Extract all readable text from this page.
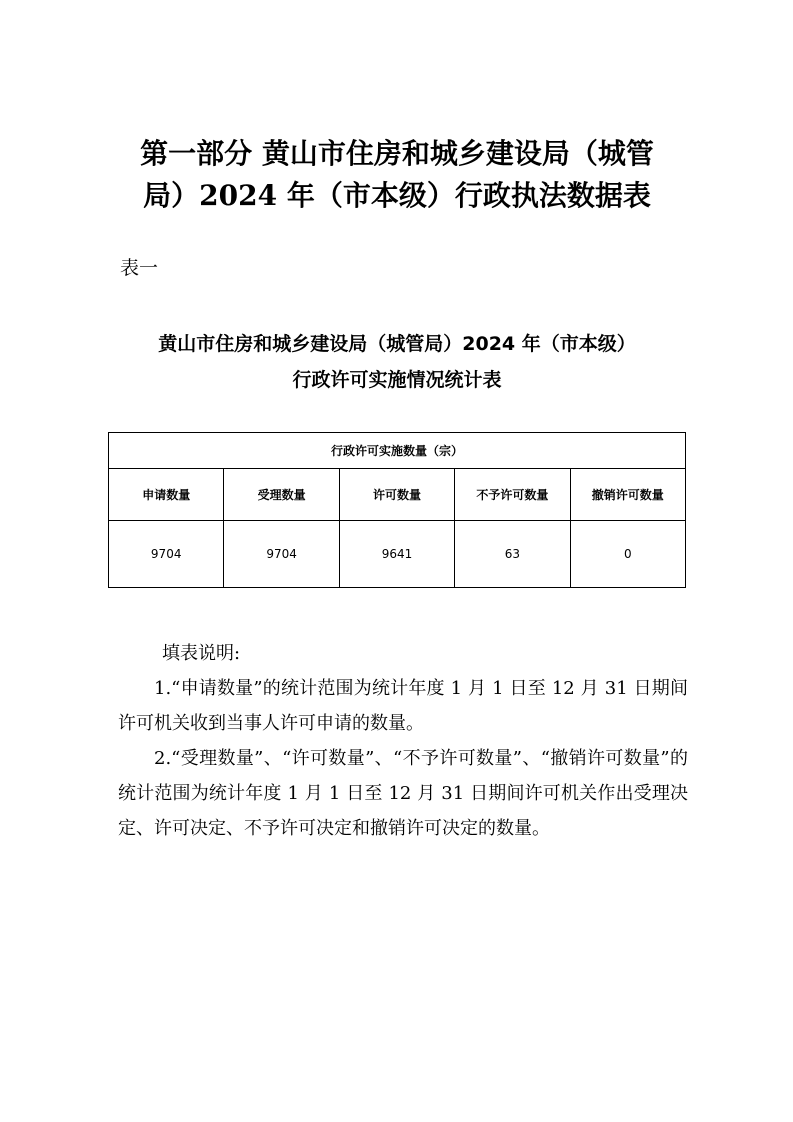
第一部分 黄山市住房和城乡建设局（城管
局）2024 年（市本级）行政执法数据表

表一

黄山市住房和城乡建设局（城管局）2024 年（市本级）
行政许可实施情况统计表
行政许可实施数量（宗）				
申请数量	受理数量	许可数量	不予许可数量	撤销许可数量
9704	9704	9641	63	0
填表说明:

1.“申请数量”的统计范围为统计年度 1 月 1 日至 12 月 31 日期间许可机关收到当事人许可申请的数量。

2.“受理数量”、“许可数量”、“不予许可数量”、“撤销许可数量”的统计范围为统计年度 1 月 1 日至 12 月 31 日期间许可机关作出受理决定、许可决定、不予许可决定和撤销许可决定的数量。
